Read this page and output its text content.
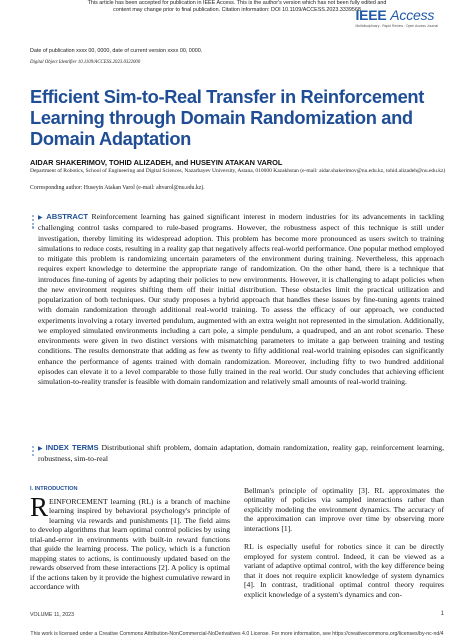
This article has been accepted for publication in IEEE Access. This is the author's version which has not been fully edited and
content may change prior to final publication. Citation information: DOI 10.1109/ACCESS.2023.3339568
IEEE Access
Multidisciplinary : Rapid Review : Open Access Journal
Date of publication xxxx 00, 0000, date of current version xxxx 00, 0000.
Digital Object Identifier 10.1109/ACCESS.2023.0322000
Efficient Sim-to-Real Transfer in Reinforcement Learning through Domain Randomization and Domain Adaptation
AIDAR SHAKERIMOV, TOHID ALIZADEH, and HUSEYIN ATAKAN VAROL
Department of Robotics, School of Engineering and Digital Sciences, Nazarbayev University, Astana, 010000 Kazakhstan (e-mail: aidar.shakerimov@nu.edu.kz, tohid.alizadeh@nu.edu.kz)
Corresponding author: Huseyin Atakan Varol (e-mail: ahvarol@nu.edu.kz).

▶ ABSTRACT Reinforcement learning has gained significant interest in modern industries for its advancements in tackling challenging control tasks compared to rule-based programs. However, the robustness aspect of this technique is still under investigation, thereby limiting its widespread adoption. This problem has become more pronounced as users switch to training simulations to reduce costs, resulting in a reality gap that negatively affects real-world performance. One popular method employed to mitigate this problem is randomizing uncertain parameters of the environment during training. Nevertheless, this approach requires expert knowledge to determine the appropriate range of randomization. On the other hand, there is a technique that introduces fine-tuning of agents by adapting their policies to new environments. However, it is challenging to adapt policies when the new environment requires shifting them off their initial distribution. These obstacles limit the practical utilization and popularization of both techniques. Our study proposes a hybrid approach that handles these issues by fine-tuning agents trained with domain randomization through additional real-world training. To assess the efficacy of our approach, we conducted experiments involving a rotary inverted pendulum, augmented with an extra weight not represented in the simulation. Additionally, we employed simulated environments including a cart pole, a simple pendulum, a quadruped, and an ant robot scenario. These environments were given in two distinct versions with mismatching parameters to imitate a gap between training and testing conditions. The results demonstrate that adding as few as twenty to fifty additional real-world training episodes can significantly enhance the performance of agents trained with domain randomization. Moreover, including fifty to two hundred additional episodes can elevate it to a level comparable to those fully trained in the real world. Our study concludes that achieving efficient simulation-to-reality transfer is feasible with domain randomization and relatively small amounts of real-world training.

▶ INDEX TERMS Distributional shift problem, domain adaptation, domain randomization, reality gap, reinforcement learning, robustness, sim-to-real

I. INTRODUCTION

REINFORCEMENT learning (RL) is a branch of machine learning inspired by behavioral psychology's principle of learning via rewards and punishments [1]. The field aims to develop algorithms that learn optimal control policies by using trial-and-error in environments with built-in reward functions that guide the learning process. The policy, which is a function mapping states to actions, is continuously updated based on the rewards observed from these interactions [2]. A policy is optimal if the actions taken by it provide the highest cumulative reward in accordance with

Bellman's principle of optimality [3]. RL approximates the optimality of policies via sampled interactions rather than explicitly modeling the environment dynamics. The accuracy of the approximation can improve over time by observing more interactions [1].

RL is especially useful for robotics since it can be directly employed for system control. Indeed, it can be viewed as a variant of adaptive optimal control, with the key difference being that it does not require explicit knowledge of system dynamics [4]. In contrast, traditional optimal control theory requires explicit knowledge of a system's dynamics and con-

VOLUME 11, 2023	1
This work is licensed under a Creative Commons Attribution-NonCommercial-NoDerivatives 4.0 License. For more information, see https://creativecommons.org/licenses/by-nc-nd/4
